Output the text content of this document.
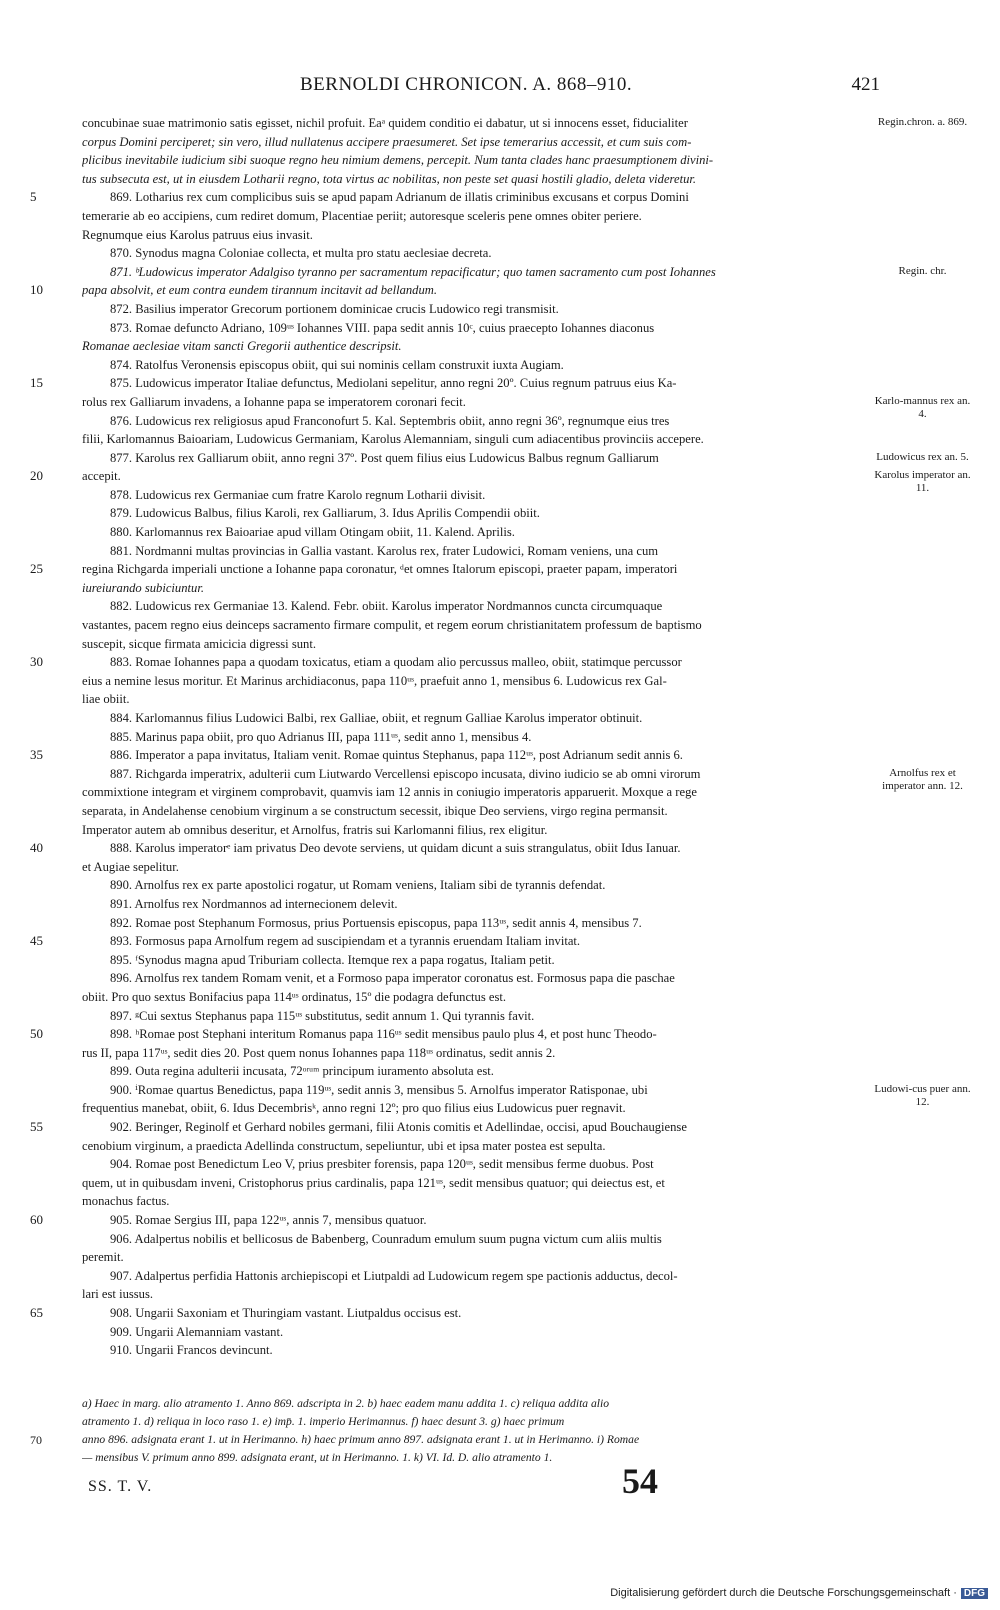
BERNOLDI CHRONICON. A. 868–910.	421
concubinae suae matrimonio satis egisset, nichil profuit. Eaᵃ quidem conditio ei dabatur, ut si innocens esset, fiducialiter	Regin.chron. a. 869.
corpus Domini perciperet; sin vero, illud nullatenus accipere praesumeret. Set ipse temerarius accessit, et cum suis com-
plicibus inevitabile iudicium sibi suoque regno heu nimium demens, percepit. Num tanta clades hanc praesumptionem divini-
tus subsecuta est, ut in eiusdem Lotharii regno, tota virtus ac nobilitas, non peste set quasi hostili gladio, deleta videretur.
5	869. Lotharius rex cum complicibus suis se apud papam Adrianum de illatis criminibus excusans et corpus Domini
temerarie ab eo accipiens, cum rediret domum, Placentiae periit; autoresque sceleris pene omnes obiter periere.
Regnumque eius Karolus patruus eius invasit.
870. Synodus magna Coloniae collecta, et multa pro statu aeclesiae decreta.
871. ᵇLudowicus imperator Adalgiso tyranno per sacramentum repacificatur; quo tamen sacramento cum post Iohannes	Regin. chr.
10	papa absolvit, et eum contra eundem tirannum incitavit ad bellandum.
872. Basilius imperator Grecorum portionem dominicae crucis Ludowico regi transmisit.
873. Romae defuncto Adriano, 109ᵘˢ Iohannes VIII. papa sedit annis 10ᶜ, cuius praecepto Iohannes diaconus
Romanae aeclesiae vitam sancti Gregorii authentice descripsit.
874. Ratolfus Veronensis episcopus obiit, qui sui nominis cellam construxit iuxta Augiam.
15	875. Ludowicus imperator Italiae defunctus, Mediolani sepelitur, anno regni 20º. Cuius regnum patruus eius Ka-
rolus rex Galliarum invadens, a Iohanne papa se imperatorem coronari fecit.	Karlo-mannus rex an. 4.
876. Ludowicus rex religiosus apud Franconofurt 5. Kal. Septembris obiit, anno regni 36º, regnumque eius tres
filii, Karlomannus Baioariam, Ludowicus Germaniam, Karolus Alemanniam, singuli cum adiacentibus provinciis accepere.
877. Karolus rex Galliarum obiit, anno regni 37º. Post quem filius eius Ludowicus Balbus regnum Galliarum	Ludowicus rex an. 5.
20	accepit.	Karolus imperator an. 11.
878. Ludowicus rex Germaniae cum fratre Karolo regnum Lotharii divisit.
879. Ludowicus Balbus, filius Karoli, rex Galliarum, 3. Idus Aprilis Compendii obiit.
880. Karlomannus rex Baioariae apud villam Otingam obiit, 11. Kalend. Aprilis.
881. Nordmanni multas provincias in Gallia vastant. Karolus rex, frater Ludowici, Romam veniens, una cum
25	regina Richgarda imperiali unctione a Iohanne papa coronatur, ᵈet omnes Italorum episcopi, praeter papam, imperatori
iureiurando subiciuntur.
882. Ludowicus rex Germaniae 13. Kalend. Febr. obiit. Karolus imperator Nordmannos cuncta circumquaque
vastantes, pacem regno eius deinceps sacramento firmare compulit, et regem eorum christianitatem professum de baptismo
suscepit, sicque firmata amicicia digressi sunt.
30	883. Romae Iohannes papa a quodam toxicatus, etiam a quodam alio percussus malleo, obiit, statimque percussor
eius a nemine lesus moritur. Et Marinus archidiaconus, papa 110ᵘˢ, praefuit anno 1, mensibus 6. Ludowicus rex Gal-
liae obiit.
884. Karlomannus filius Ludowici Balbi, rex Galliae, obiit, et regnum Galliae Karolus imperator obtinuit.
885. Marinus papa obiit, pro quo Adrianus III, papa 111ᵘˢ, sedit anno 1, mensibus 4.
35	886. Imperator a papa invitatus, Italiam venit. Romae quintus Stephanus, papa 112ᵘˢ, post Adrianum sedit annis 6.
887. Richgarda imperatrix, adulterii cum Liutwardo Vercellensi episcopo incusata, divino iudicio se ab omni virorum	Arnolfus rex et imperator ann. 12.
commixtione integram et virginem comprobavit, quamvis iam 12 annis in coniugio imperatoris apparuerit. Moxque a rege
separata, in Andelahense cenobium virginum a se constructum secessit, ibique Deo serviens, virgo regina permansit.
Imperator autem ab omnibus deseritur, et Arnolfus, fratris sui Karlomanni filius, rex eligitur.
40	888. Karolus imperatorᵉ iam privatus Deo devote serviens, ut quidam dicunt a suis strangulatus, obiit Idus Ianuar.
et Augiae sepelitur.
890. Arnolfus rex ex parte apostolici rogatur, ut Romam veniens, Italiam sibi de tyrannis defendat.
891. Arnolfus rex Nordmannos ad internecionem delevit.
892. Romae post Stephanum Formosus, prius Portuensis episcopus, papa 113ᵘˢ, sedit annis 4, mensibus 7.
45	893. Formosus papa Arnolfum regem ad suscipiendam et a tyrannis eruendam Italiam invitat.
895. ᶠSynodus magna apud Triburiam collecta. Itemque rex a papa rogatus, Italiam petit.
896. Arnolfus rex tandem Romam venit, et a Formoso papa imperator coronatus est. Formosus papa die paschae
obiit. Pro quo sextus Bonifacius papa 114ᵘˢ ordinatus, 15º die podagra defunctus est.
897. ᵍCui sextus Stephanus papa 115ᵘˢ substitutus, sedit annum 1. Qui tyrannis favit.
50	898. ʰRomae post Stephani interitum Romanus papa 116ᵘˢ sedit mensibus paulo plus 4, et post hunc Theodo-
rus II, papa 117ᵘˢ, sedit dies 20. Post quem nonus Iohannes papa 118ᵘˢ ordinatus, sedit annis 2.
899. Outa regina adulterii incusata, 72ᵒʳᵘᵐ principum iuramento absoluta est.
900. ⁱRomae quartus Benedictus, papa 119ᵘˢ, sedit annis 3, mensibus 5. Arnolfus imperator Ratisponae, ubi	Ludowi-cus puer ann. 12.
frequentius manebat, obiit, 6. Idus Decembrisᵏ, anno regni 12º; pro quo filius eius Ludowicus puer regnavit.
55	902. Beringer, Reginolf et Gerhard nobiles germani, filii Atonis comitis et Adellindae, occisi, apud Bouchaugiense
cenobium virginum, a praedicta Adellinda constructum, sepeliuntur, ubi et ipsa mater postea est sepulta.
904. Romae post Benedictum Leo V, prius presbiter forensis, papa 120ᵘˢ, sedit mensibus ferme duobus. Post
quem, ut in quibusdam inveni, Cristophorus prius cardinalis, papa 121ᵘˢ, sedit mensibus quatuor; qui deiectus est, et
monachus factus.
60	905. Romae Sergius III, papa 122ᵘˢ, annis 7, mensibus quatuor.
906. Adalpertus nobilis et bellicosus de Babenberg, Counradum emulum suum pugna victum cum aliis multis
peremit.
907. Adalpertus perfidia Hattonis archiepiscopi et Liutpaldi ad Ludowicum regem spe pactionis adductus, decol-
lari est iussus.
65	908. Ungarii Saxoniam et Thuringiam vastant. Liutpaldus occisus est.
909. Ungarii Alemanniam vastant.
910. Ungarii Francos devincunt.
a) Haec in marg. alio atramento 1. Anno 869. adscripta in 2. b) haec eadem manu addita 1. c) reliqua addita alio
atramento 1. d) reliqua in loco raso 1. e) imp̄. 1. imperio Herimannus. f) haec desunt 3. g) haec primum
70	anno 896. adsignata erant 1. ut in Herimanno. h) haec primum anno 897. adsignata erant 1. ut in Herimanno. i) Romae
— mensibus V. primum anno 899. adsignata erant, ut in Herimanno. 1. k) VI. Id. D. alio atramento 1.
SS. T. V.	54
Digitalisierung gefördert durch die Deutsche Forschungsgemeinschaft · DFG
